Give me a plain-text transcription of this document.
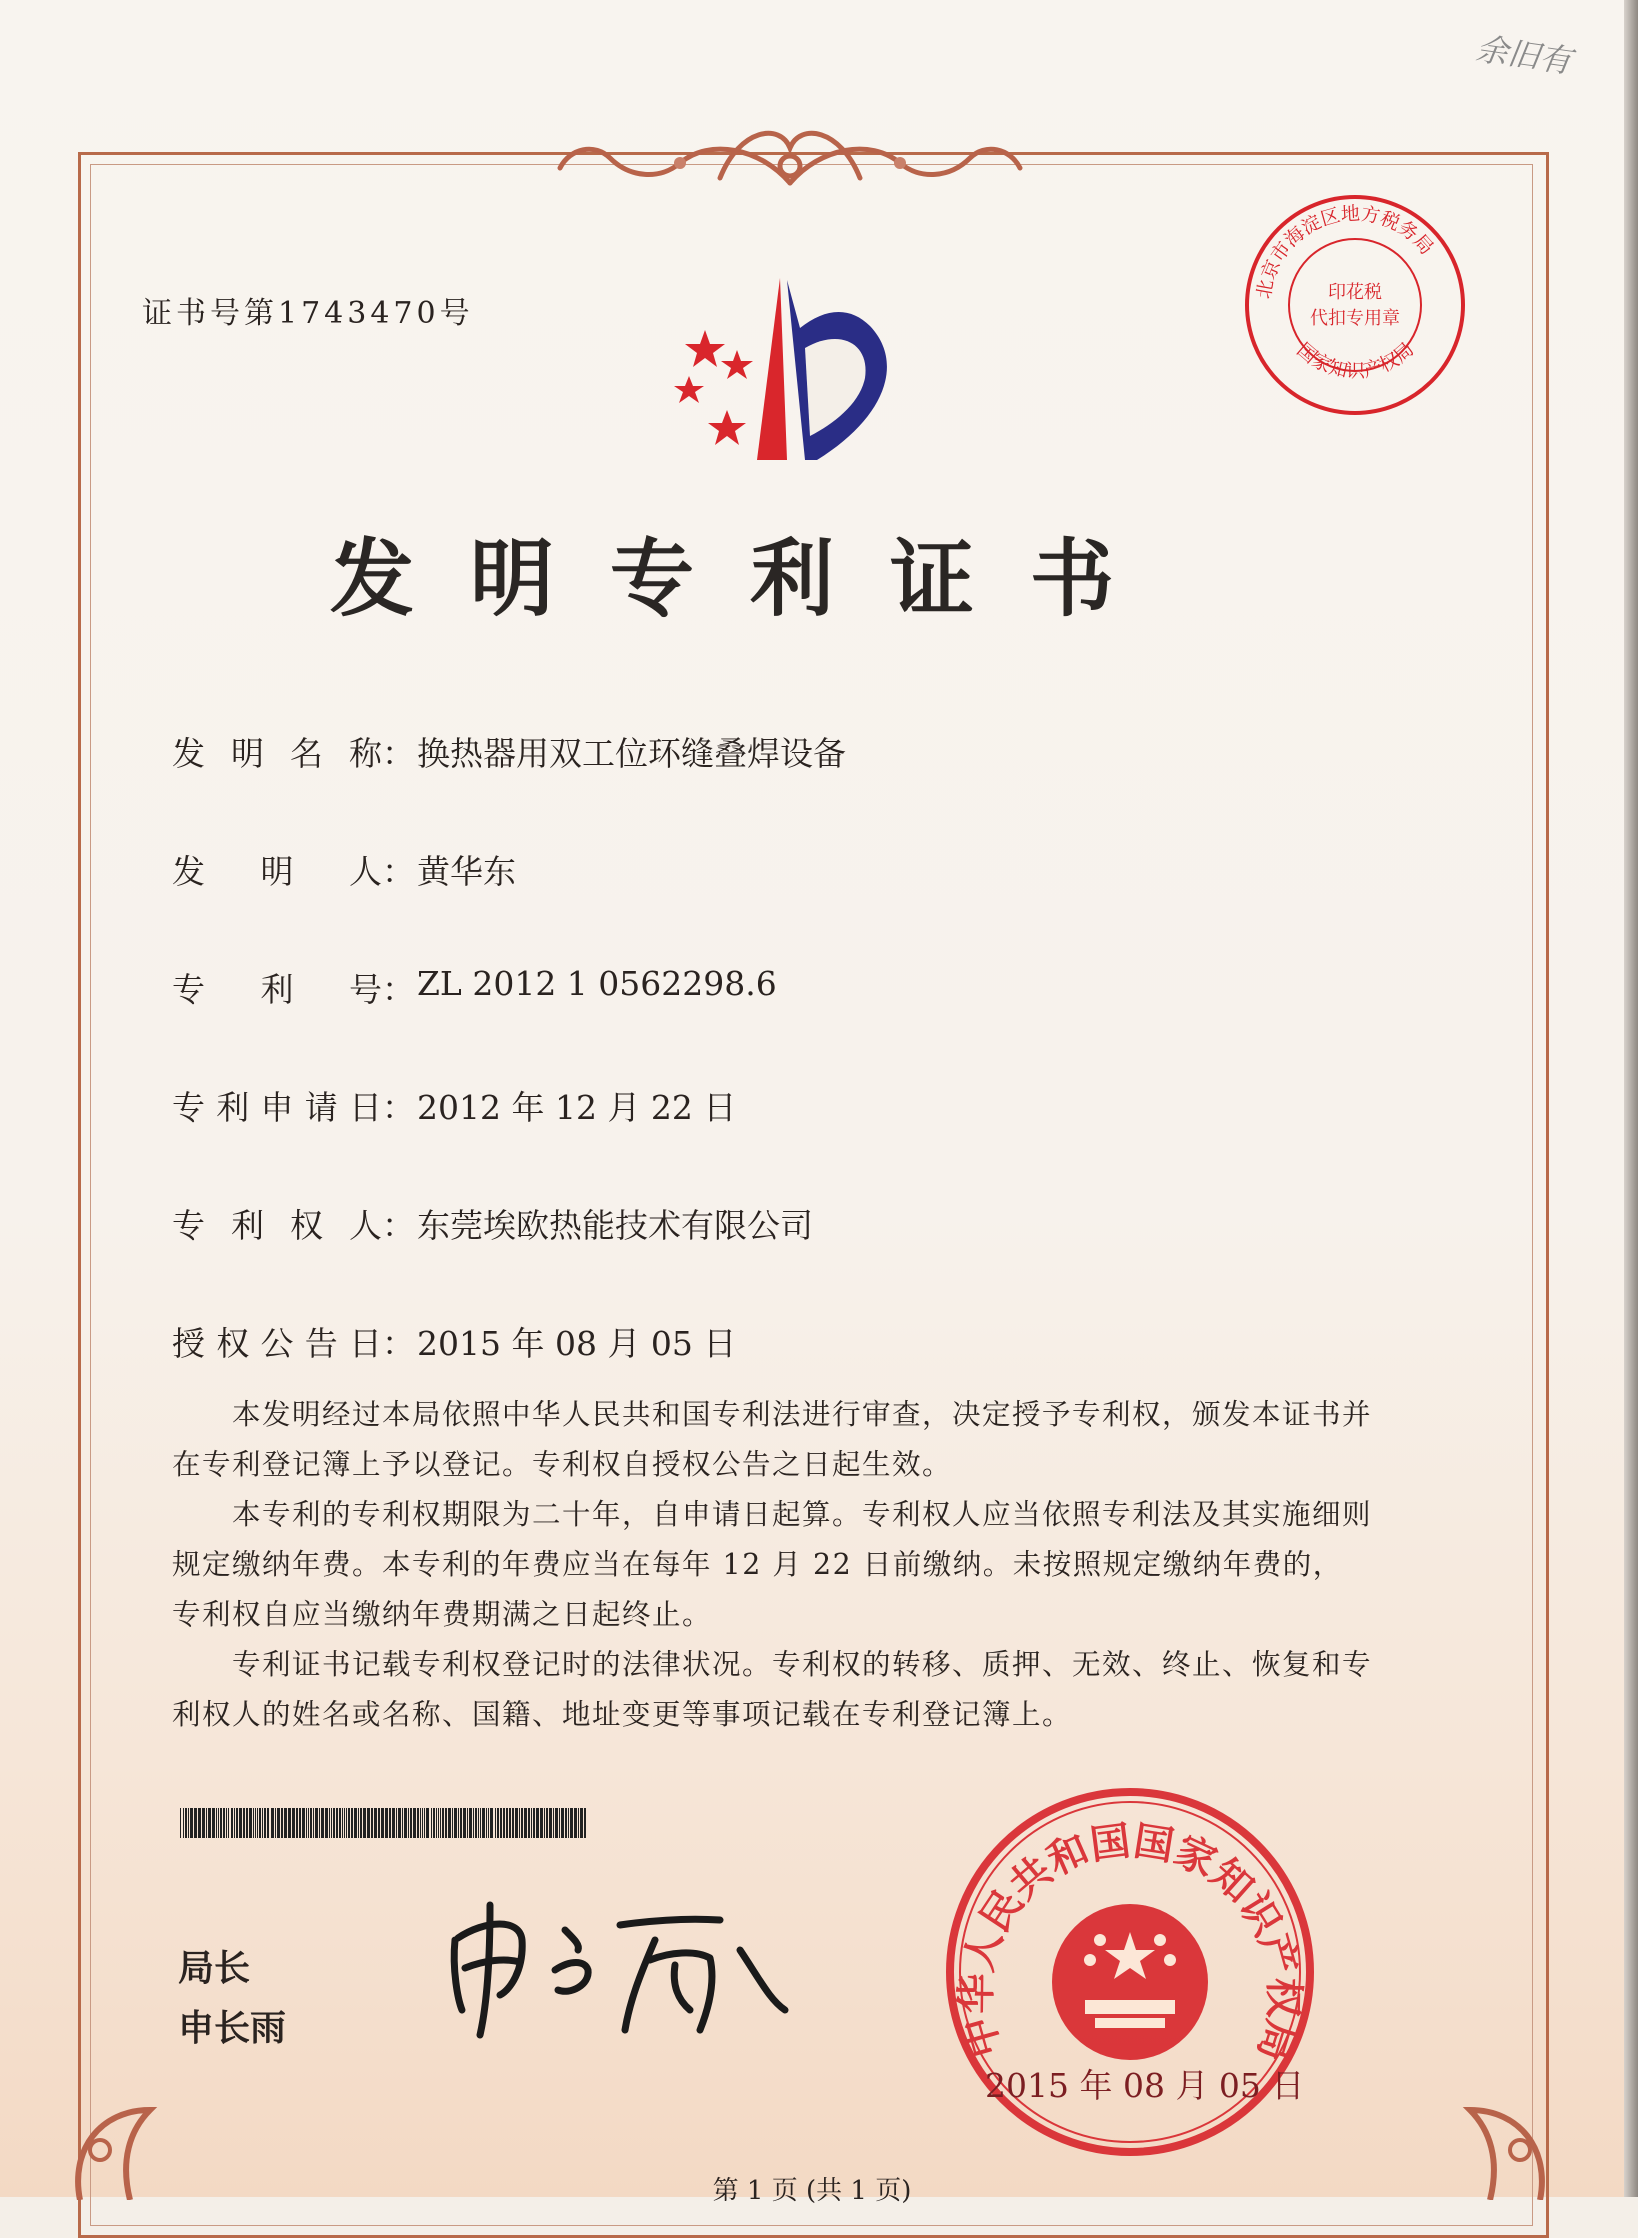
余旧有
证书号第1743470号
北京市海淀区地方税务局
国家知识产权局
印花税
代扣专用章
发明专利证书
发 明 名 称 ： 换热器用双工位环缝叠焊设备
发 明 人 ： 黄华东
专 利 号 ： ZL 2012 1 0562298.6
专 利 申 请 日 ： 2012 年 12 月 22 日
专 利 权 人 ： 东莞埃欧热能技术有限公司
授 权 公 告 日 ： 2015 年 08 月 05 日

本发明经过本局依照中华人民共和国专利法进行审查，决定授予专利权，颁发本证书并在专利登记簿上予以登记。专利权自授权公告之日起生效。

本专利的专利权期限为二十年，自申请日起算。专利权人应当依照专利法及其实施细则规定缴纳年费。本专利的年费应当在每年 12 月 22 日前缴纳。未按照规定缴纳年费的，专利权自应当缴纳年费期满之日起终止。

专利证书记载专利权登记时的法律状况。专利权的转移、质押、无效、终止、恢复和专利权人的姓名或名称、国籍、地址变更等事项记载在专利登记簿上。

局长
申长雨	中华人民共和国国家知识产权局
2015 年 08 月 05 日
第 1 页 (共 1 页)
